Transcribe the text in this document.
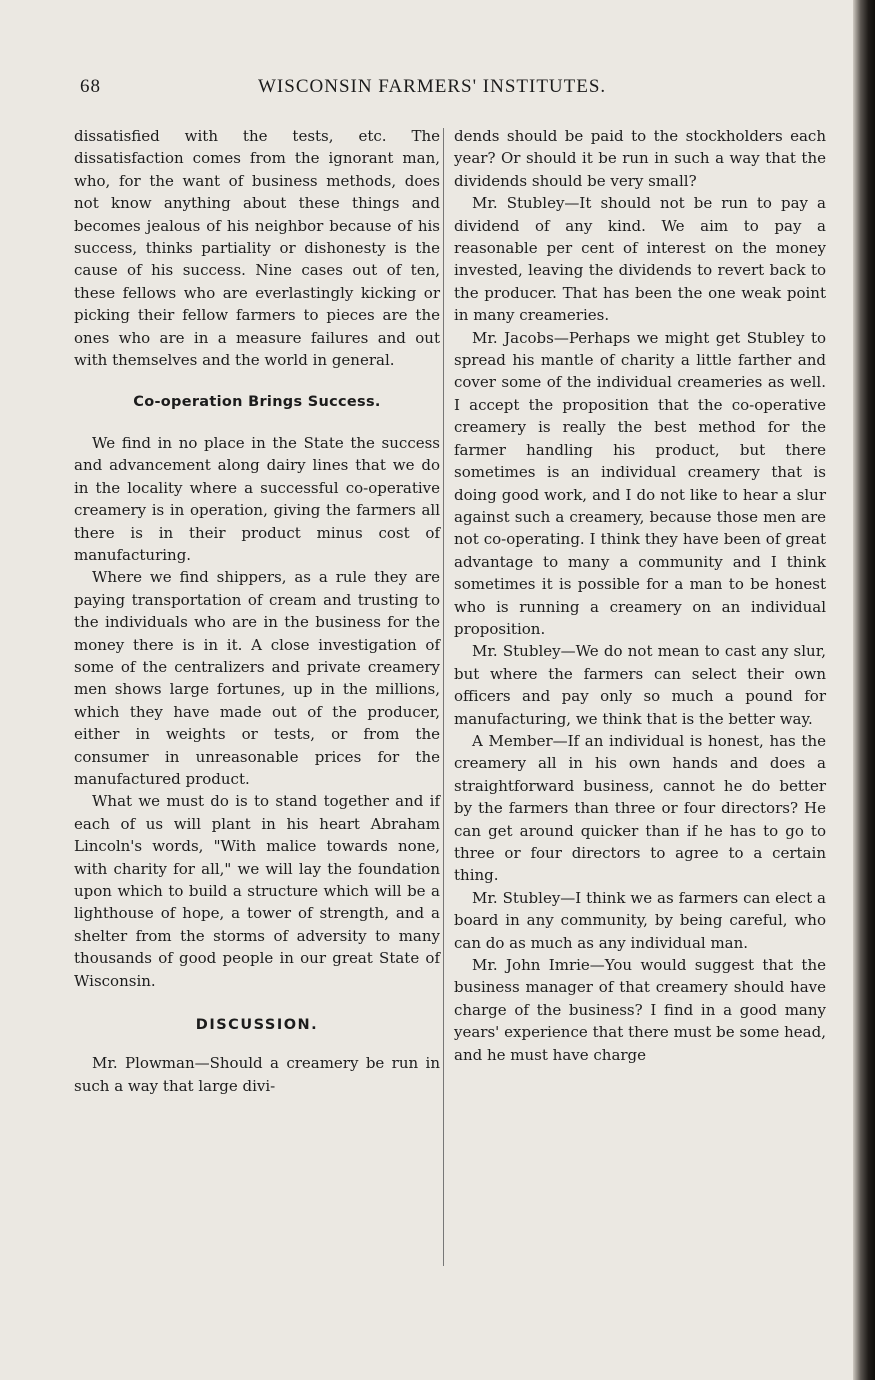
68	WISCONSIN FARMERS' INSTITUTES.

dissatisfied with the tests, etc. The dissatisfaction comes from the ignorant man, who, for the want of business methods, does not know anything about these things and becomes jealous of his neighbor because of his success, thinks partiality or dishonesty is the cause of his success. Nine cases out of ten, these fellows who are everlastingly kicking or picking their fellow farmers to pieces are the ones who are in a measure failures and out with themselves and the world in general.

Co-operation Brings Success.

We find in no place in the State the success and advancement along dairy lines that we do in the locality where a successful co-operative creamery is in operation, giving the farmers all there is in their product minus cost of manufacturing.

Where we find shippers, as a rule they are paying transportation of cream and trusting to the individuals who are in the business for the money there is in it. A close investigation of some of the centralizers and private creamery men shows large fortunes, up in the millions, which they have made out of the producer, either in weights or tests, or from the consumer in unreasonable prices for the manufactured product.

What we must do is to stand together and if each of us will plant in his heart Abraham Lincoln's words, "With malice towards none, with charity for all," we will lay the foundation upon which to build a structure which will be a lighthouse of hope, a tower of strength, and a shelter from the storms of adversity to many thousands of good people in our great State of Wisconsin.

DISCUSSION.

Mr. Plowman—Should a creamery be run in such a way that large divi-

dends should be paid to the stockholders each year? Or should it be run in such a way that the dividends should be very small?

Mr. Stubley—It should not be run to pay a dividend of any kind. We aim to pay a reasonable per cent of interest on the money invested, leaving the dividends to revert back to the producer. That has been the one weak point in many creameries.

Mr. Jacobs—Perhaps we might get Stubley to spread his mantle of charity a little farther and cover some of the individual creameries as well. I accept the proposition that the co-operative creamery is really the best method for the farmer handling his product, but there sometimes is an individual creamery that is doing good work, and I do not like to hear a slur against such a creamery, because those men are not co-operating. I think they have been of great advantage to many a community and I think sometimes it is possible for a man to be honest who is running a creamery on an individual proposition.

Mr. Stubley—We do not mean to cast any slur, but where the farmers can select their own officers and pay only so much a pound for manufacturing, we think that is the better way.

A Member—If an individual is honest, has the creamery all in his own hands and does a straightforward business, cannot he do better by the farmers than three or four directors? He can get around quicker than if he has to go to three or four directors to agree to a certain thing.

Mr. Stubley—I think we as farmers can elect a board in any community, by being careful, who can do as much as any individual man.

Mr. John Imrie—You would suggest that the business manager of that creamery should have charge of the business? I find in a good many years' experience that there must be some head, and he must have charge
